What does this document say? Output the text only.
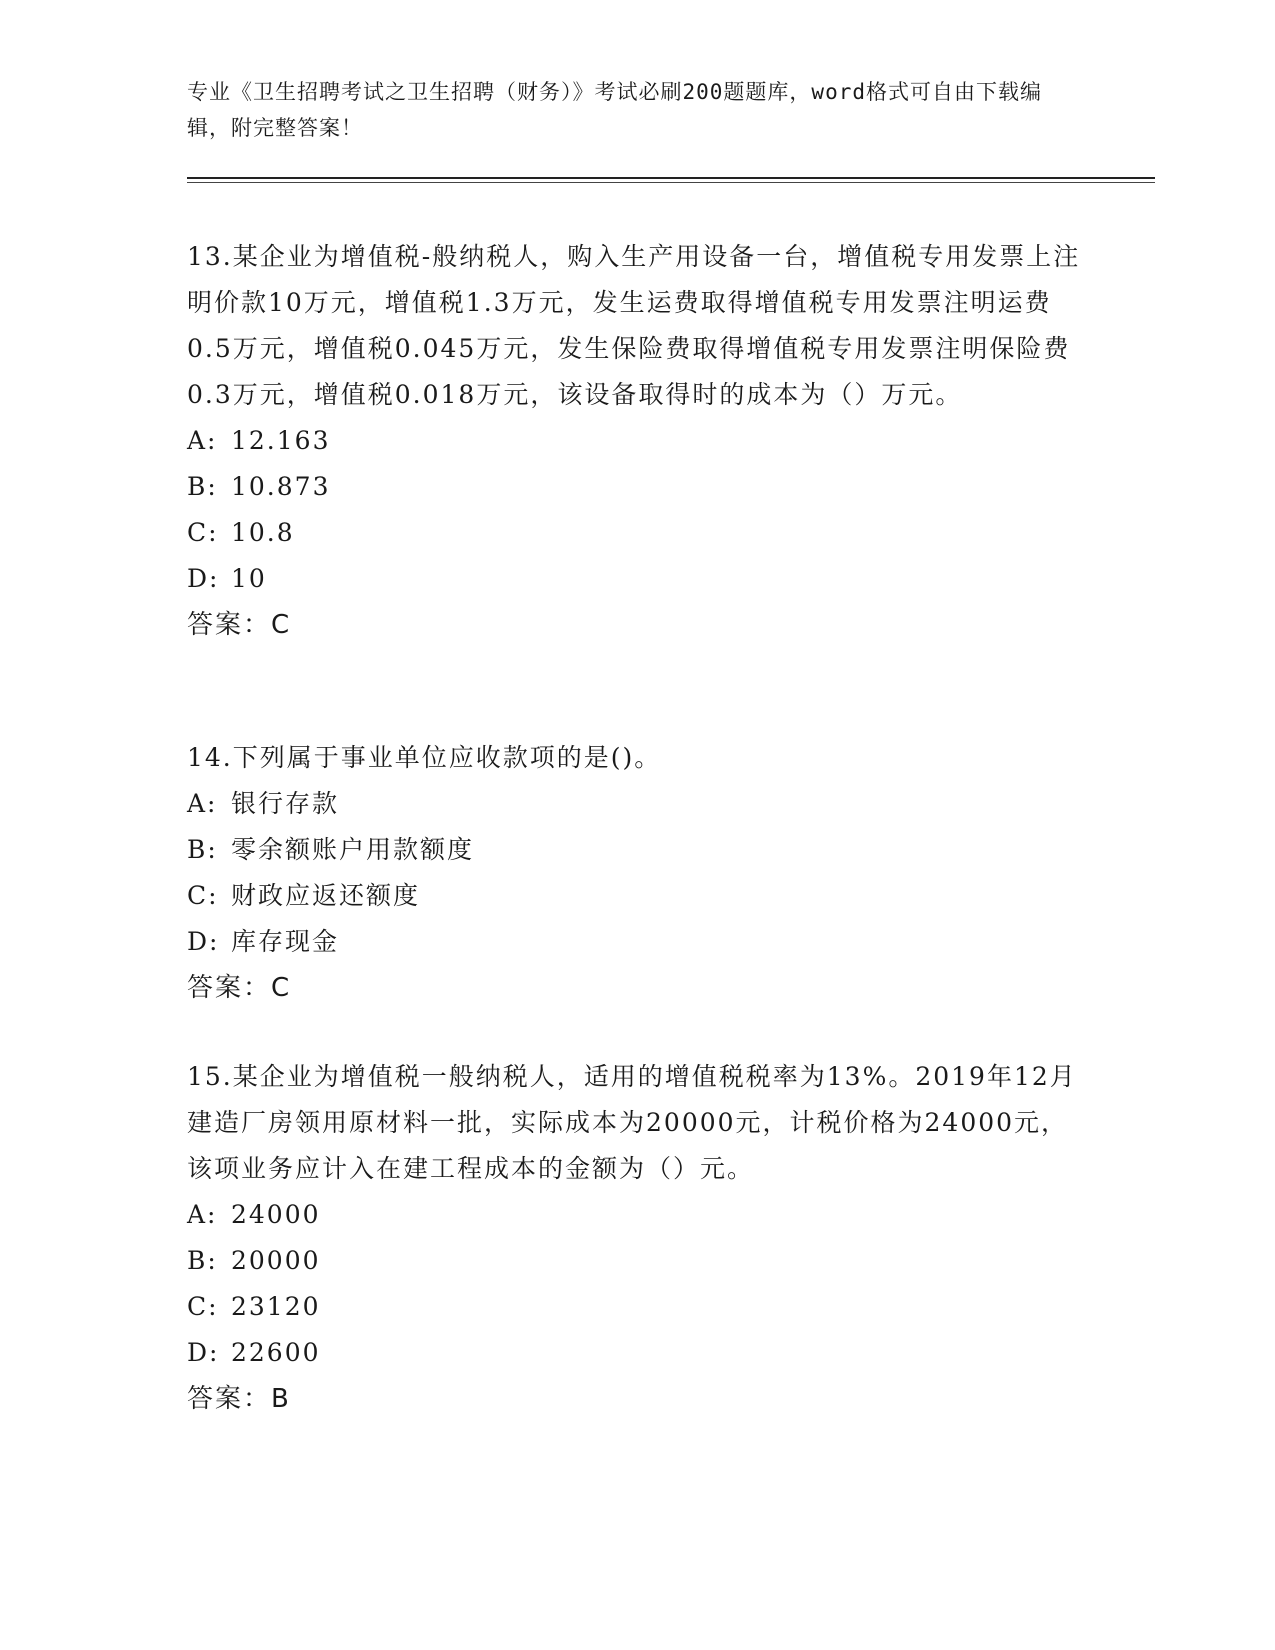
专业《卫生招聘考试之卫生招聘（财务）》考试必刷200题题库，word格式可自由下载编辑，附完整答案！
13.某企业为增值税-般纳税人，购入生产用设备一台，增值税专用发票上注明价款10万元，增值税1.3万元，发生运费取得增值税专用发票注明运费0.5万元，增值税0.045万元，发生保险费取得增值税专用发票注明保险费0.3万元，增值税0.018万元，该设备取得时的成本为（）万元。
A: 12.163
B: 10.873
C: 10.8
D: 10
答案：C
14.下列属于事业单位应收款项的是()。
A: 银行存款
B: 零余额账户用款额度
C: 财政应返还额度
D: 库存现金
答案：C
15.某企业为增值税一般纳税人，适用的增值税税率为13%。2019年12月建造厂房领用原材料一批，实际成本为20000元，计税价格为24000元，该项业务应计入在建工程成本的金额为（）元。
A: 24000
B: 20000
C: 23120
D: 22600
答案：B
